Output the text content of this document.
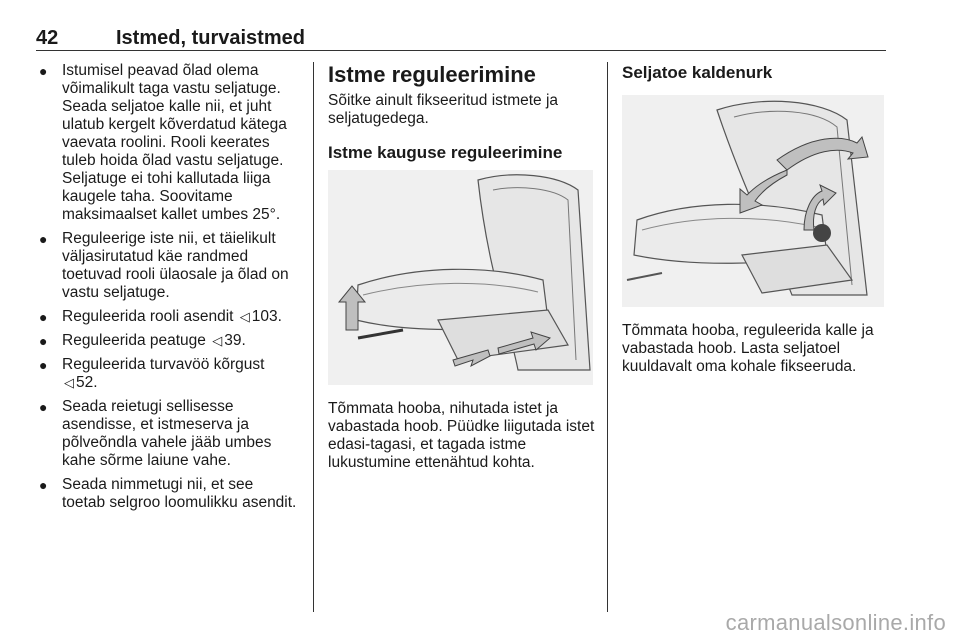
42	Istmed, turvaistmed
● Istumisel peavad õlad olema võimalikult taga vastu seljatuge. Seada seljatoe kalle nii, et juht ulatub kergelt kõverdatud kätega vaevata roolini. Rooli keerates tuleb hoida õlad vastu seljatuge. Seljatuge ei tohi kallutada liiga kaugele taha. Soovitame maksimaalset kallet umbes 25°.
● Reguleerige iste nii, et täielikult väljasirutatud käe randmed toetuvad rooli ülaosale ja õlad on vastu seljatuge.
● Reguleerida rooli asendit ◁ 103.
● Reguleerida peatuge ◁ 39.
● Reguleerida turvavöö kõrgust
◁ 52.
● Seada reietugi sellisesse asendisse, et istmeserva ja põlveõndla vahele jääb umbes kahe sõrme laiune vahe.
● Seada nimmetugi nii, et see toetab selgroo loomulikku asendit.
Istme reguleerimine

Sõitke ainult fikseeritud istmete ja seljatugedega.

Istme kauguse reguleerimine

Tõmmata hooba, nihutada istet ja vabastada hoob. Püüdke liigutada istet edasi-tagasi, et tagada istme lukustumine ettenähtud kohta.

Seljatoe kaldenurk

Tõmmata hooba, reguleerida kalle ja vabastada hoob. Lasta seljatoel kuuldavalt oma kohale fikseeruda.

carmanualsonline.info
